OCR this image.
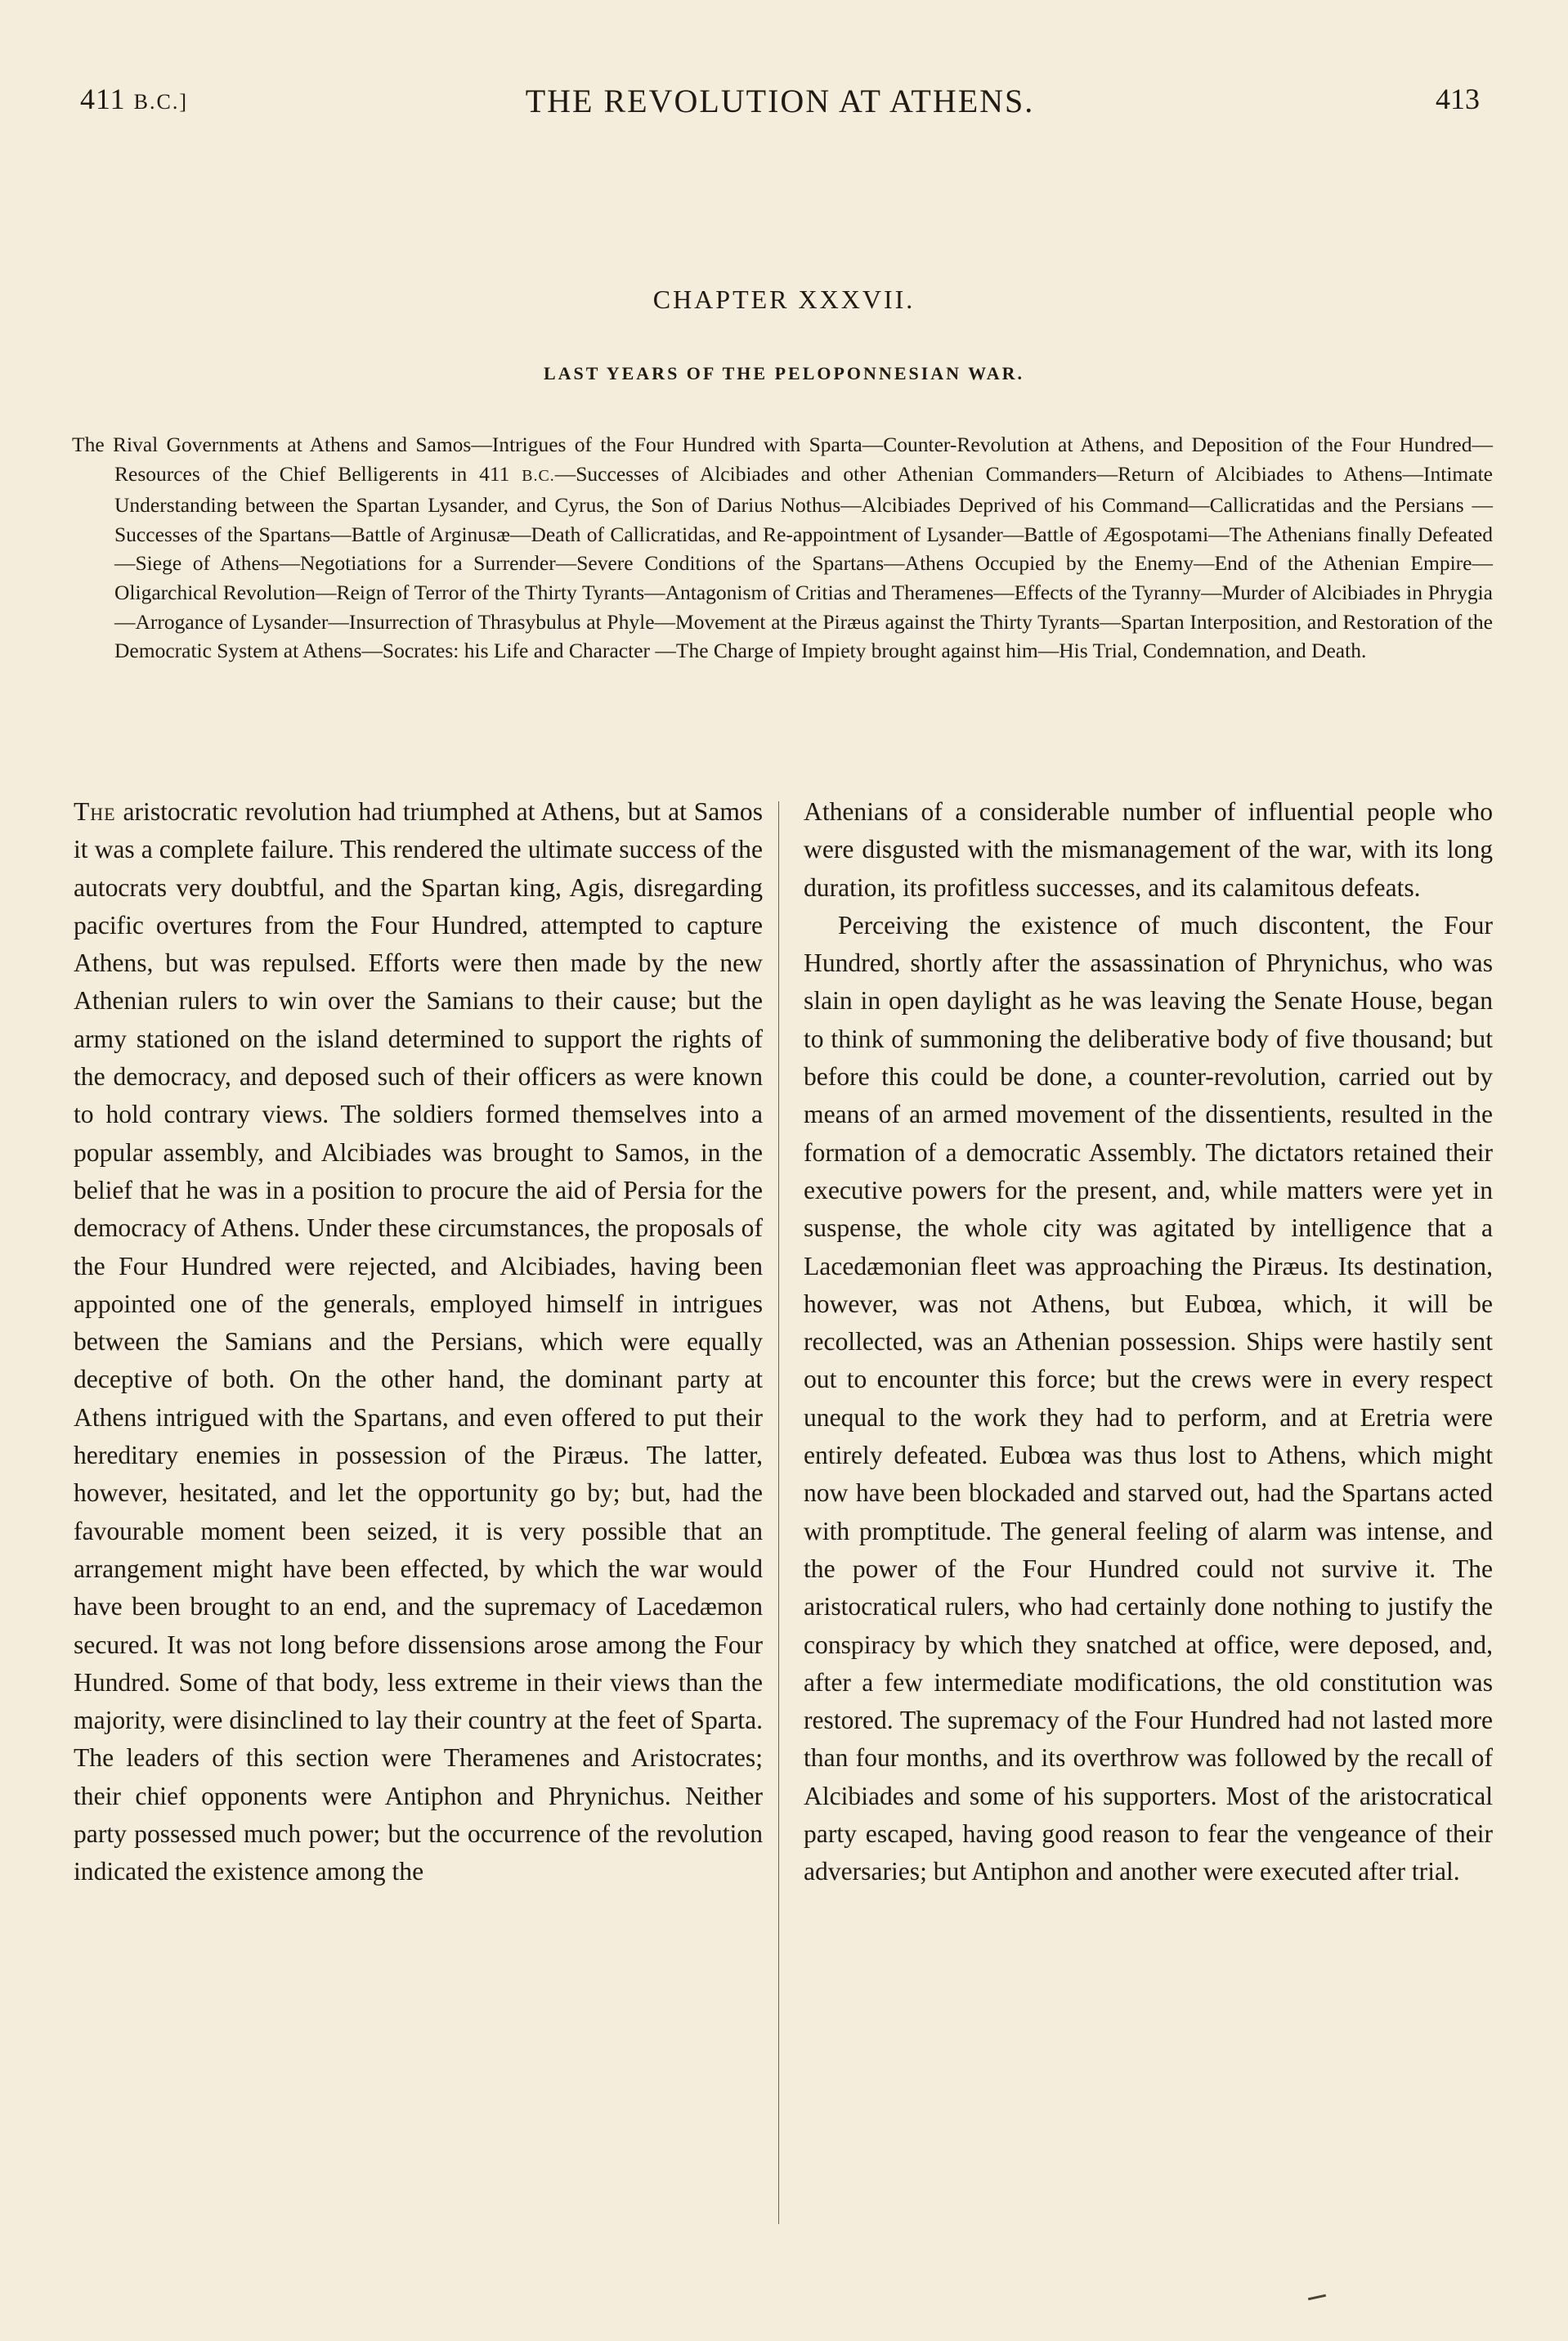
411 B.C.]	THE REVOLUTION AT ATHENS.	413
CHAPTER XXXVII.
LAST YEARS OF THE PELOPONNESIAN WAR.

The Rival Governments at Athens and Samos—Intrigues of the Four Hundred with Sparta—Counter-Revolution at Athens, and Deposition of the Four Hundred—Resources of the Chief Belligerents in 411 B.C.—Successes of Alcibiades and other Athenian Commanders—Return of Alcibiades to Athens—Intimate Understanding between the Spartan Lysander, and Cyrus, the Son of Darius Nothus—Alcibiades Deprived of his Command—Callicratidas and the Persians —Successes of the Spartans—Battle of Arginusæ—Death of Callicratidas, and Re-appointment of Lysander—Battle of Ægospotami—The Athenians finally Defeated—Siege of Athens—Negotiations for a Surrender—Severe Conditions of the Spartans—Athens Occupied by the Enemy—End of the Athenian Empire—Oligarchical Revolution—Reign of Terror of the Thirty Tyrants—Antagonism of Critias and Theramenes—Effects of the Tyranny—Murder of Alcibiades in Phrygia—Arrogance of Lysander—Insurrection of Thrasybulus at Phyle—Movement at the Piræus against the Thirty Tyrants—Spartan Interposition, and Restoration of the Democratic System at Athens—Socrates: his Life and Character —The Charge of Impiety brought against him—His Trial, Condemnation, and Death.

The aristocratic revolution had triumphed at Athens, but at Samos it was a complete failure. This rendered the ultimate success of the autocrats very doubtful, and the Spartan king, Agis, disregarding pacific overtures from the Four Hundred, attempted to capture Athens, but was repulsed. Efforts were then made by the new Athenian rulers to win over the Samians to their cause; but the army stationed on the island determined to support the rights of the democracy, and deposed such of their officers as were known to hold contrary views. The soldiers formed themselves into a popular assembly, and Alcibiades was brought to Samos, in the belief that he was in a position to procure the aid of Persia for the democracy of Athens. Under these circumstances, the proposals of the Four Hundred were rejected, and Alcibiades, having been appointed one of the generals, employed himself in intrigues between the Samians and the Persians, which were equally deceptive of both. On the other hand, the dominant party at Athens intrigued with the Spartans, and even offered to put their hereditary enemies in possession of the Piræus. The latter, however, hesitated, and let the opportunity go by; but, had the favourable moment been seized, it is very possible that an arrangement might have been effected, by which the war would have been brought to an end, and the supremacy of Lacedæmon secured. It was not long before dissensions arose among the Four Hundred. Some of that body, less extreme in their views than the majority, were disinclined to lay their country at the feet of Sparta. The leaders of this section were Theramenes and Aristocrates; their chief opponents were Antiphon and Phrynichus. Neither party possessed much power; but the occurrence of the revolution indicated the existence among the

Athenians of a considerable number of influential people who were disgusted with the mismanagement of the war, with its long duration, its profitless successes, and its calamitous defeats.

Perceiving the existence of much discontent, the Four Hundred, shortly after the assassination of Phrynichus, who was slain in open daylight as he was leaving the Senate House, began to think of summoning the deliberative body of five thousand; but before this could be done, a counter-revolution, carried out by means of an armed movement of the dissentients, resulted in the formation of a democratic Assembly. The dictators retained their executive powers for the present, and, while matters were yet in suspense, the whole city was agitated by intelligence that a Lacedæmonian fleet was approaching the Piræus. Its destination, however, was not Athens, but Eubœa, which, it will be recollected, was an Athenian possession. Ships were hastily sent out to encounter this force; but the crews were in every respect unequal to the work they had to perform, and at Eretria were entirely defeated. Eubœa was thus lost to Athens, which might now have been blockaded and starved out, had the Spartans acted with promptitude. The general feeling of alarm was intense, and the power of the Four Hundred could not survive it. The aristocratical rulers, who had certainly done nothing to justify the conspiracy by which they snatched at office, were deposed, and, after a few intermediate modifications, the old constitution was restored. The supremacy of the Four Hundred had not lasted more than four months, and its overthrow was followed by the recall of Alcibiades and some of his supporters. Most of the aristocratical party escaped, having good reason to fear the vengeance of their adversaries; but Antiphon and another were executed after trial.
